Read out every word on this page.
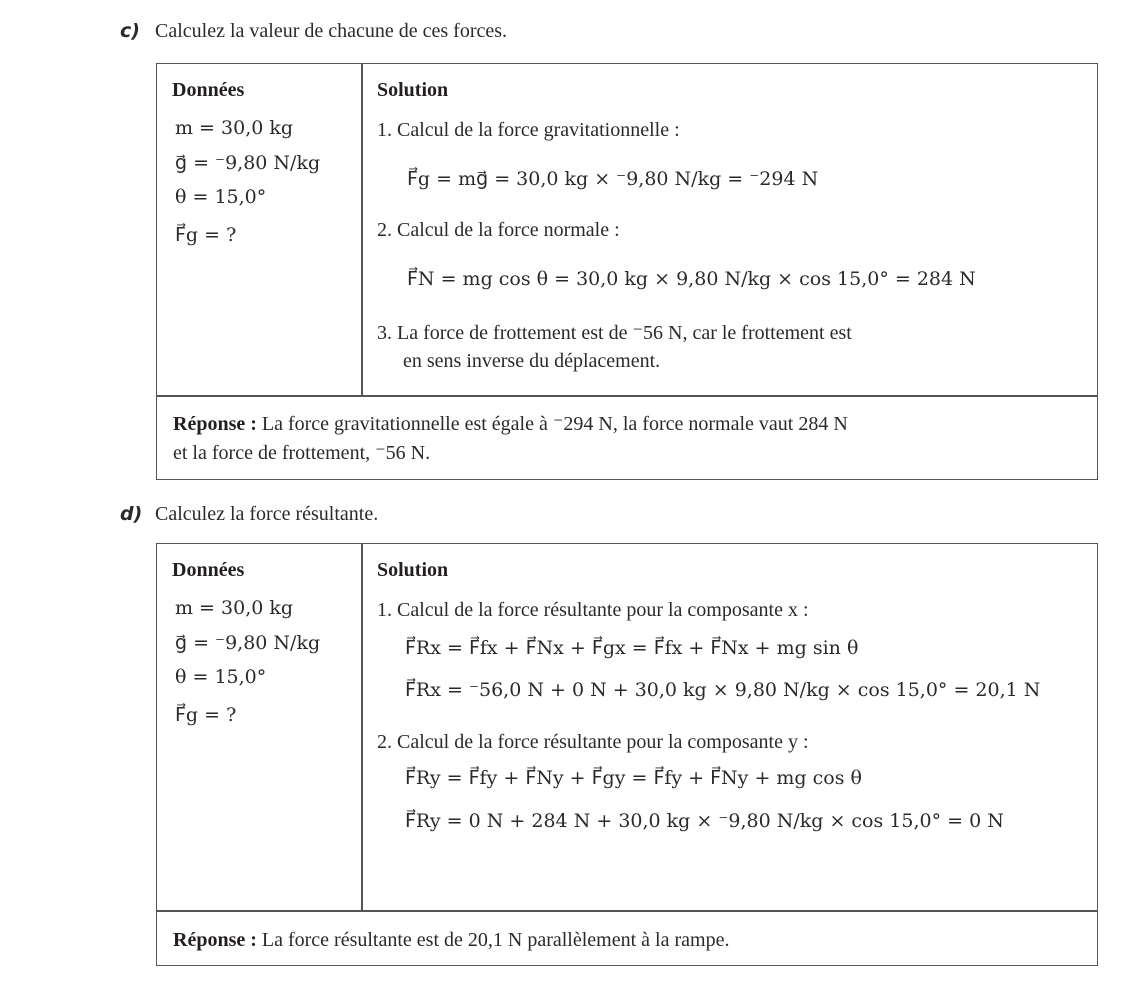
c) Calculez la valeur de chacune de ces forces.
Données
m = 30,0 kg
g⃗ = ⁻9,80 N/kg
θ = 15,0°
F⃗g = ?
Solution
1. Calcul de la force gravitationnelle :
F⃗g = mg⃗ = 30,0 kg × ⁻9,80 N/kg = ⁻294 N
2. Calcul de la force normale :
F⃗N = mg cos θ = 30,0 kg × 9,80 N/kg × cos 15,0° = 284 N
3. La force de frottement est de ⁻56 N, car le frottement est
en sens inverse du déplacement.
Réponse : La force gravitationnelle est égale à ⁻294 N, la force normale vaut 284 N
et la force de frottement, ⁻56 N.
d) Calculez la force résultante.
Données
m = 30,0 kg
g⃗ = ⁻9,80 N/kg
θ = 15,0°
F⃗g = ?
Solution
1. Calcul de la force résultante pour la composante x :
F⃗Rx = F⃗fx + F⃗Nx + F⃗gx = F⃗fx + F⃗Nx + mg sin θ
F⃗Rx = ⁻56,0 N + 0 N + 30,0 kg × 9,80 N/kg × cos 15,0° = 20,1 N
2. Calcul de la force résultante pour la composante y :
F⃗Ry = F⃗fy + F⃗Ny + F⃗gy = F⃗fy + F⃗Ny + mg cos θ
F⃗Ry = 0 N + 284 N + 30,0 kg × ⁻9,80 N/kg × cos 15,0° = 0 N
Réponse : La force résultante est de 20,1 N parallèlement à la rampe.
